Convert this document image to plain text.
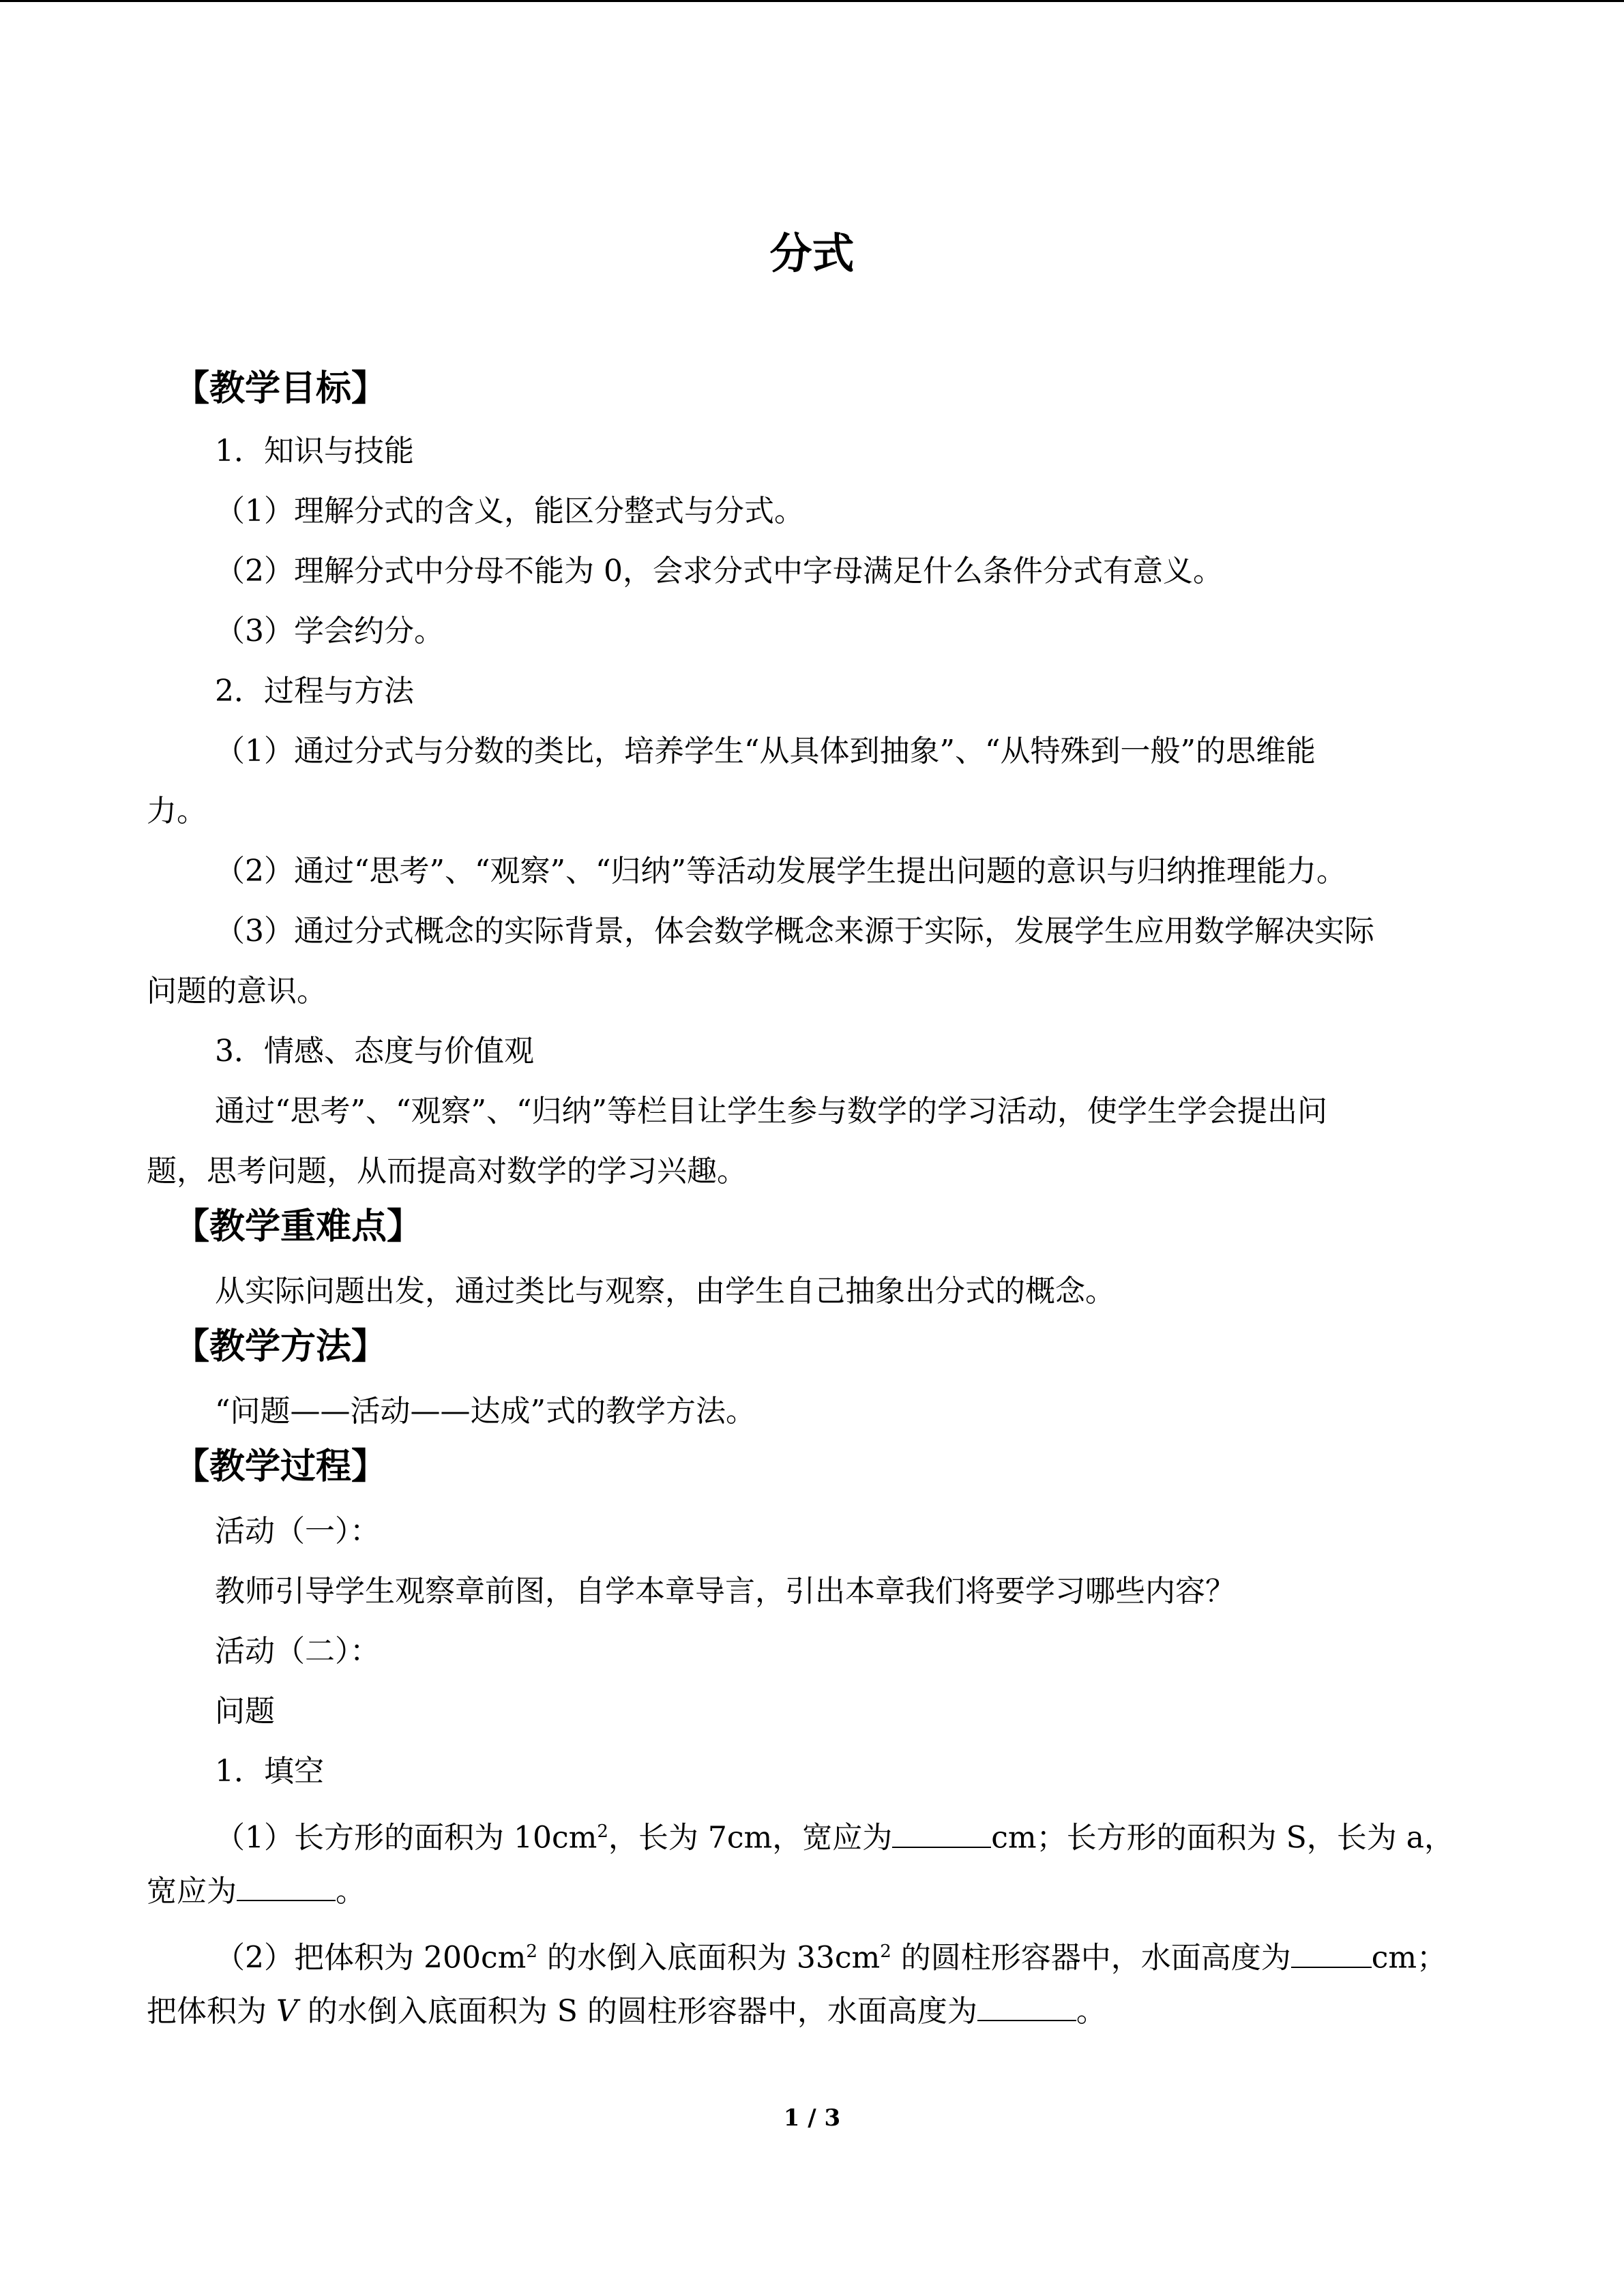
分式
【教学目标】
1．知识与技能
（1）理解分式的含义，能区分整式与分式。
（2）理解分式中分母不能为 0，会求分式中字母满足什么条件分式有意义。
（3）学会约分。
2．过程与方法
（1）通过分式与分数的类比，培养学生“从具体到抽象”、“从特殊到一般”的思维能
力。
（2）通过“思考”、“观察”、“归纳”等活动发展学生提出问题的意识与归纳推理能力。
（3）通过分式概念的实际背景，体会数学概念来源于实际，发展学生应用数学解决实际
问题的意识。
3．情感、态度与价值观
通过“思考”、“观察”、“归纳”等栏目让学生参与数学的学习活动，使学生学会提出问
题，思考问题，从而提高对数学的学习兴趣。
【教学重难点】
从实际问题出发，通过类比与观察，由学生自己抽象出分式的概念。
【教学方法】
“问题——活动——达成”式的教学方法。
【教学过程】
活动（一）：
教师引导学生观察章前图，自学本章导言，引出本章我们将要学习哪些内容？
活动（二）：
问题
1．填空
（1）长方形的面积为 $10cm^2$，长为 7cm，宽应为	cm；长方形的面积为 S，长为 a，
宽应为	。
（2）把体积为 $200cm^2$ 的水倒入底面积为 $33cm^2$ 的圆柱形容器中，水面高度为	cm；
把体积为 V 的水倒入底面积为 S 的圆柱形容器中，水面高度为	。
1 / 3
